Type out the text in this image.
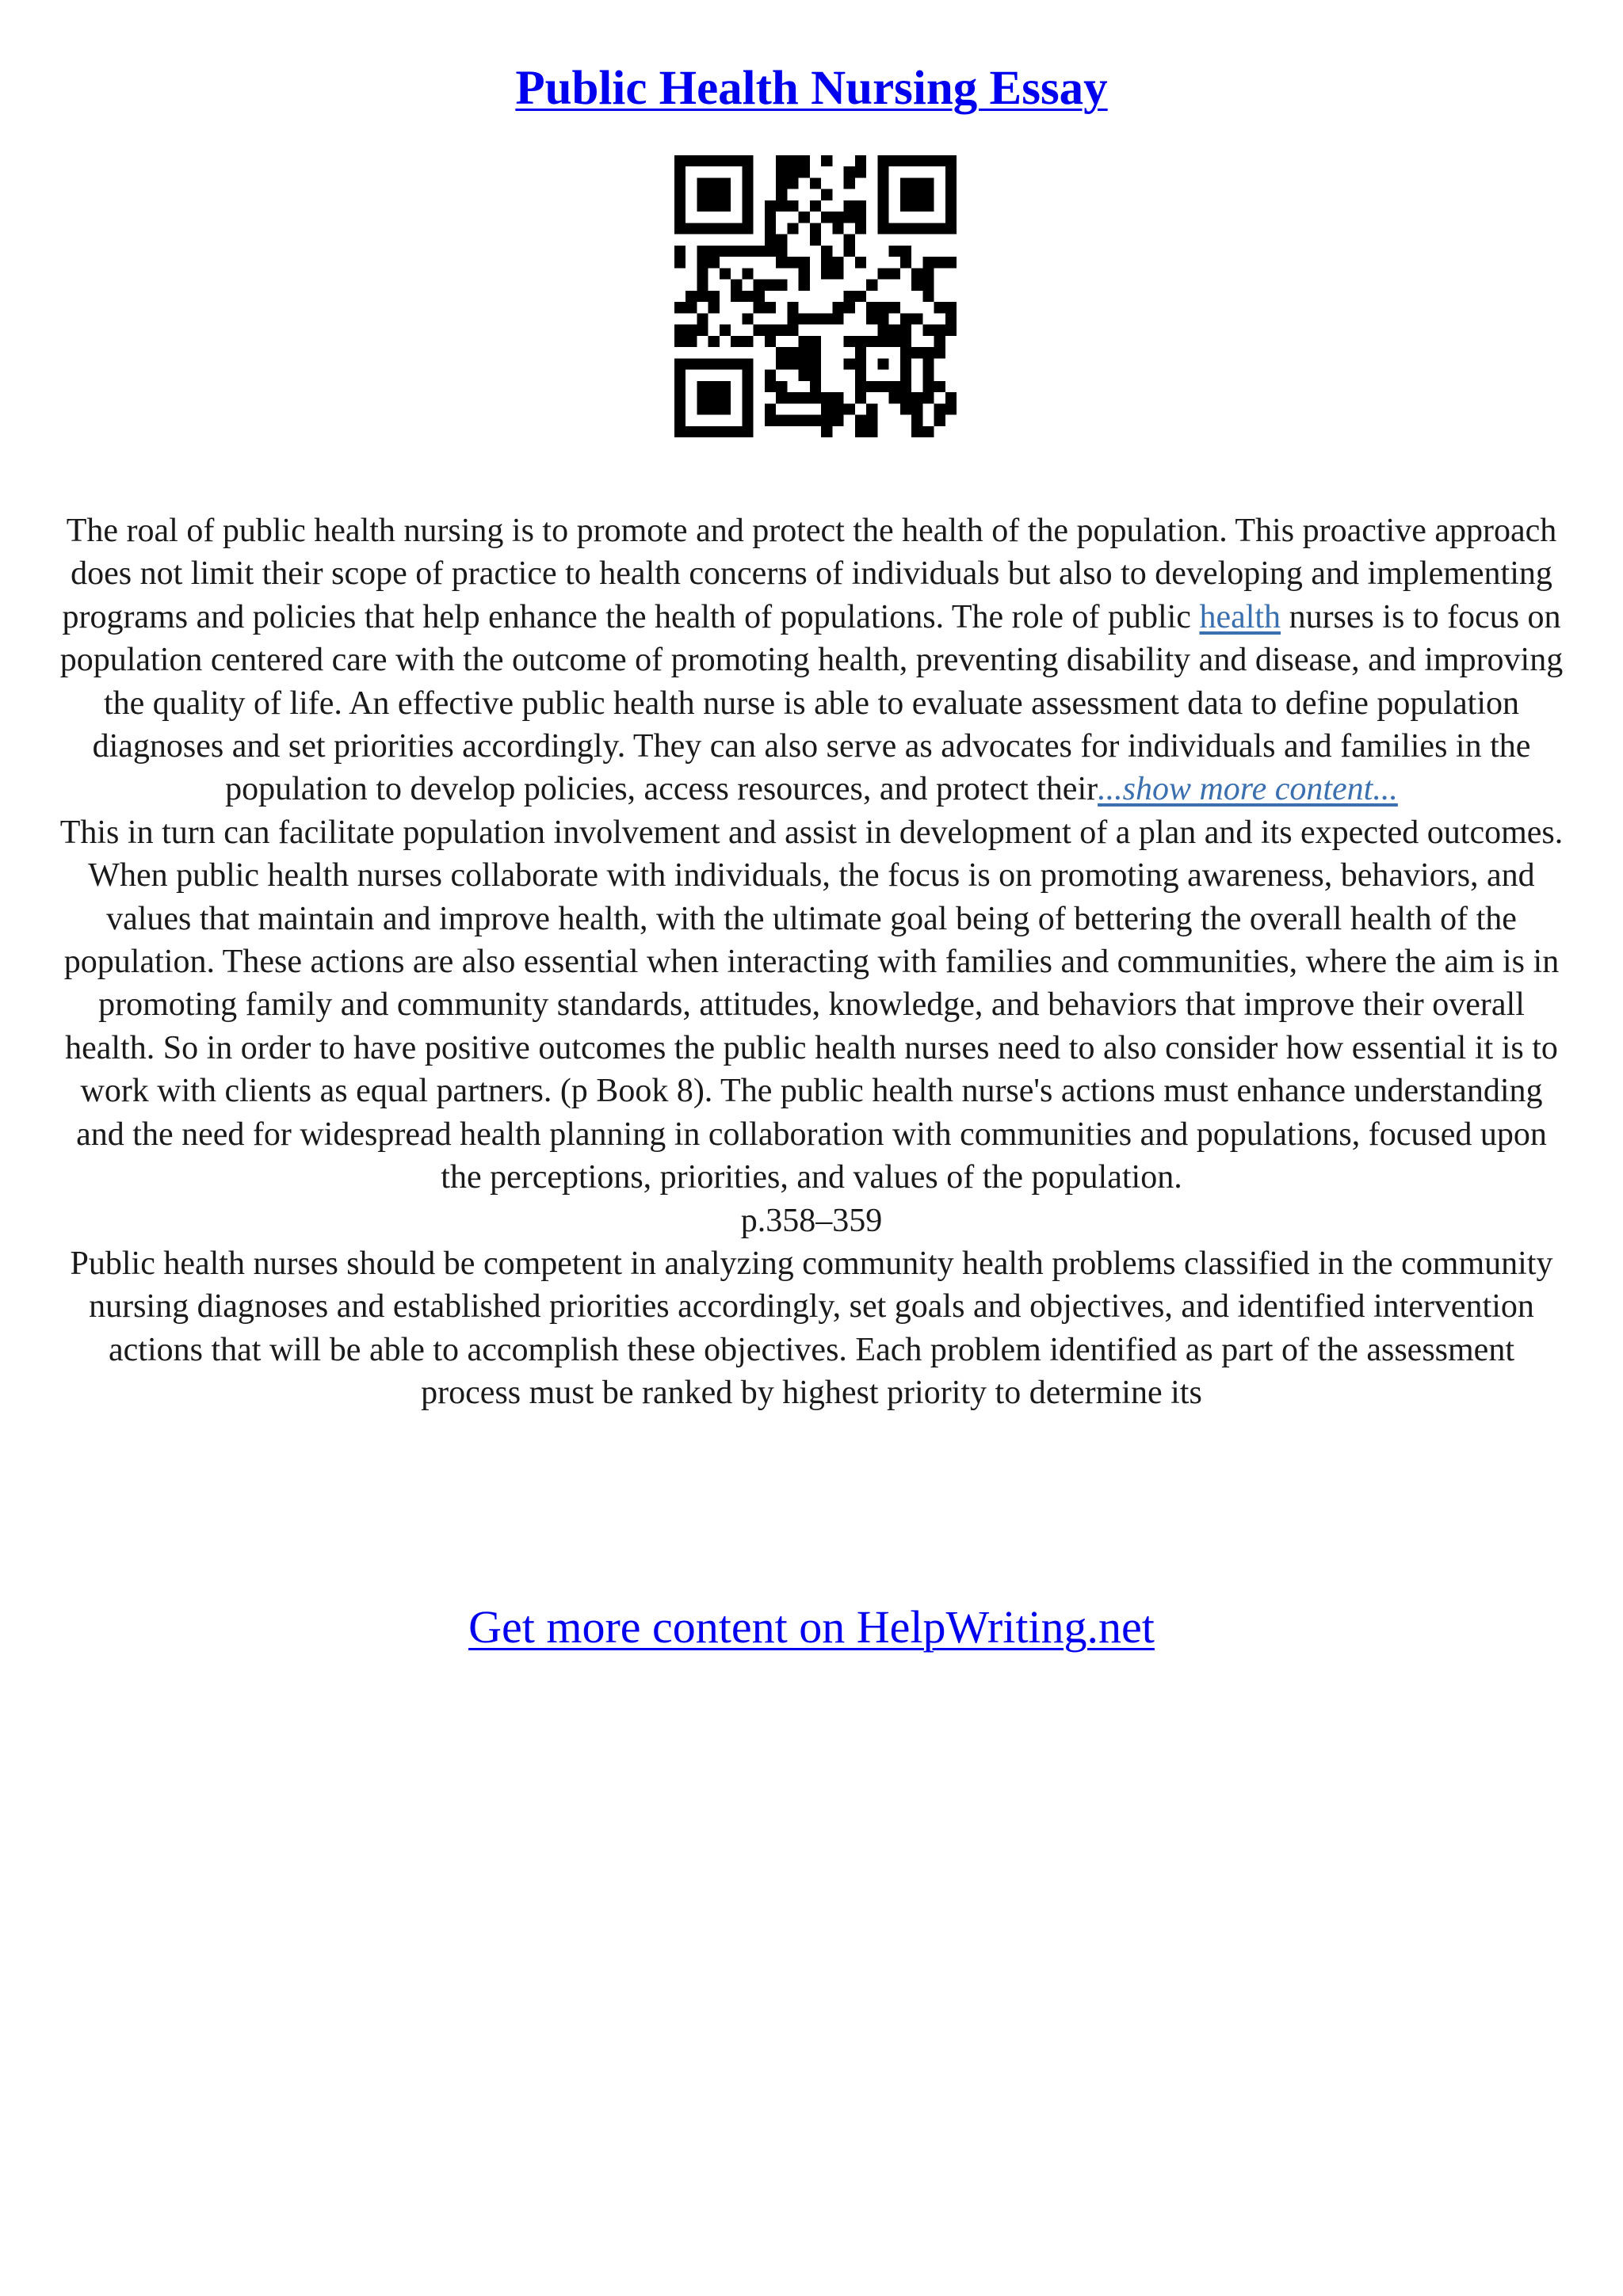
Public Health Nursing Essay

The roal of public health nursing is to promote and protect the health of the population. This proactive approach does not limit their scope of practice to health concerns of individuals but also to developing and implementing programs and policies that help enhance the health of populations. The role of public health nurses is to focus on population centered care with the outcome of promoting health, preventing disability and disease, and improving the quality of life. An effective public health nurse is able to evaluate assessment data to define population diagnoses and set priorities accordingly. They can also serve as advocates for individuals and families in the population to develop policies, access resources, and protect their...show more content...

This in turn can facilitate population involvement and assist in development of a plan and its expected outcomes.

When public health nurses collaborate with individuals, the focus is on promoting awareness, behaviors, and values that maintain and improve health, with the ultimate goal being of bettering the overall health of the population. These actions are also essential when interacting with families and communities, where the aim is in promoting family and community standards, attitudes, knowledge, and behaviors that improve their overall health. So in order to have positive outcomes the public health nurses need to also consider how essential it is to work with clients as equal partners. (p Book 8). The public health nurse's actions must enhance understanding and the need for widespread health planning in collaboration with communities and populations, focused upon the perceptions, priorities, and values of the population.

p.358–359

Public health nurses should be competent in analyzing community health problems classified in the community nursing diagnoses and established priorities accordingly, set goals and objectives, and identified intervention actions that will be able to accomplish these objectives. Each problem identified as part of the assessment process must be ranked by highest priority to determine its

Get more content on HelpWriting.net
